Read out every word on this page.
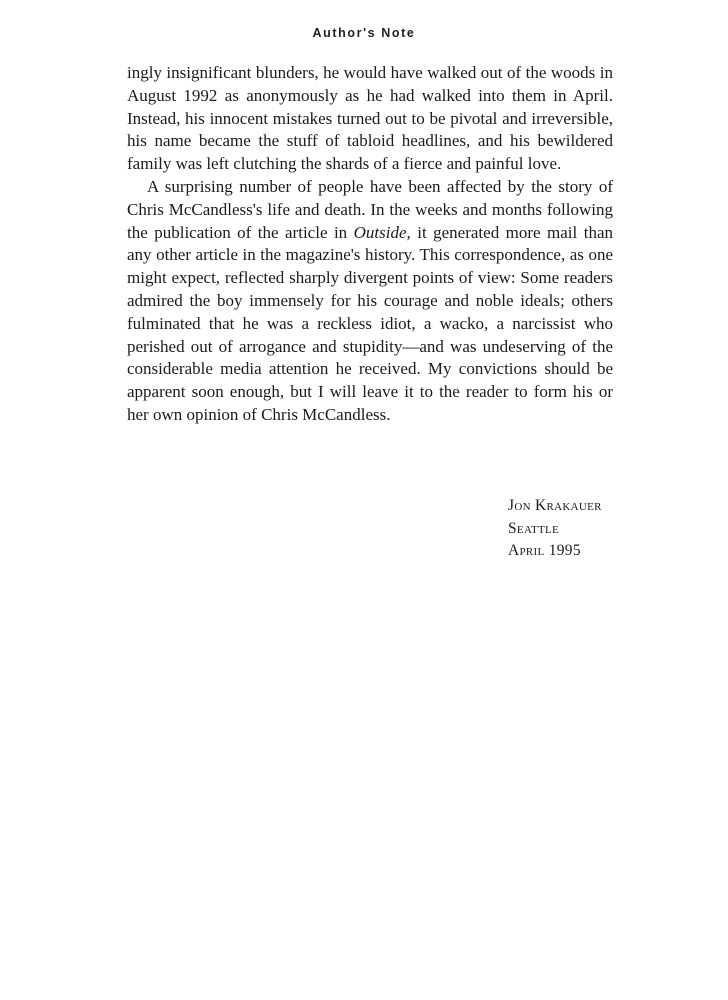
Author's Note

ingly insignificant blunders, he would have walked out of the woods in August 1992 as anonymously as he had walked into them in April. Instead, his innocent mistakes turned out to be pivotal and irreversible, his name became the stuff of tabloid headlines, and his bewildered family was left clutching the shards of a fierce and painful love.

A surprising number of people have been affected by the story of Chris McCandless's life and death. In the weeks and months following the publication of the article in Outside, it generated more mail than any other article in the magazine's history. This correspondence, as one might expect, reflected sharply divergent points of view: Some readers admired the boy immensely for his courage and noble ideals; others fulminated that he was a reckless idiot, a wacko, a narcissist who perished out of arrogance and stupidity—and was undeserving of the considerable media attention he received. My convictions should be apparent soon enough, but I will leave it to the reader to form his or her own opinion of Chris McCandless.

Jon Krakauer
Seattle
April 1995
